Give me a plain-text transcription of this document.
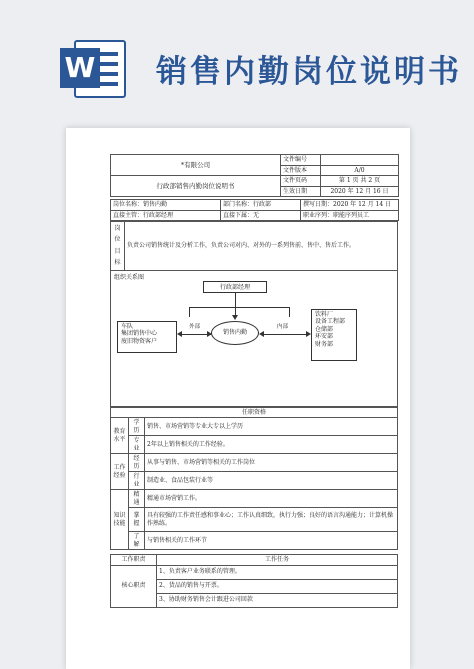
W 销售内勤岗位说明书
*有限公司	文件编号	
	文件版本	A/0
行政部销售内勤岗位说明书	文件页码	第 1 页 共 2 页
	生效日期	2020 年 12 月 16 日
岗位名称：销售内勤	部门名称：行政部	撰写日期：2020 年 12 月 14 日
直接主管：行政部经理	直接下属：无	职业序列：职能序列员工
岗位目标	负责公司销售统计及分析工作，负责公司对内、对外的一系列售前、售中、售后工作。
组织关系图
行政部经理
销售内勤
车队
集团销售中心
废旧物资客户
饮料厂
设备工程部
仓储部
环安部
财务部
外部	内部
任职资格		
教育水平	学历	销售、市场营销等专业大专以上学历
	专业	2年以上销售相关的工作经验。
工作经验	经历	从事与销售、市场营销等相关的工作岗位
	行业	制造业、食品包装行业等
知识技能	精通	精通市场营销工作。
	掌握	具有较强的工作责任感和事业心；工作认真细致，执行力强；良好的语言沟通能力；计算机操作熟练。
	了解	与销售相关的工作环节
工作职责	工作任务
核心职责	1、负责客户业务联系的管理。
	2、货品的销售与开票。
	3、协助财务销售会计跟进公司回款
